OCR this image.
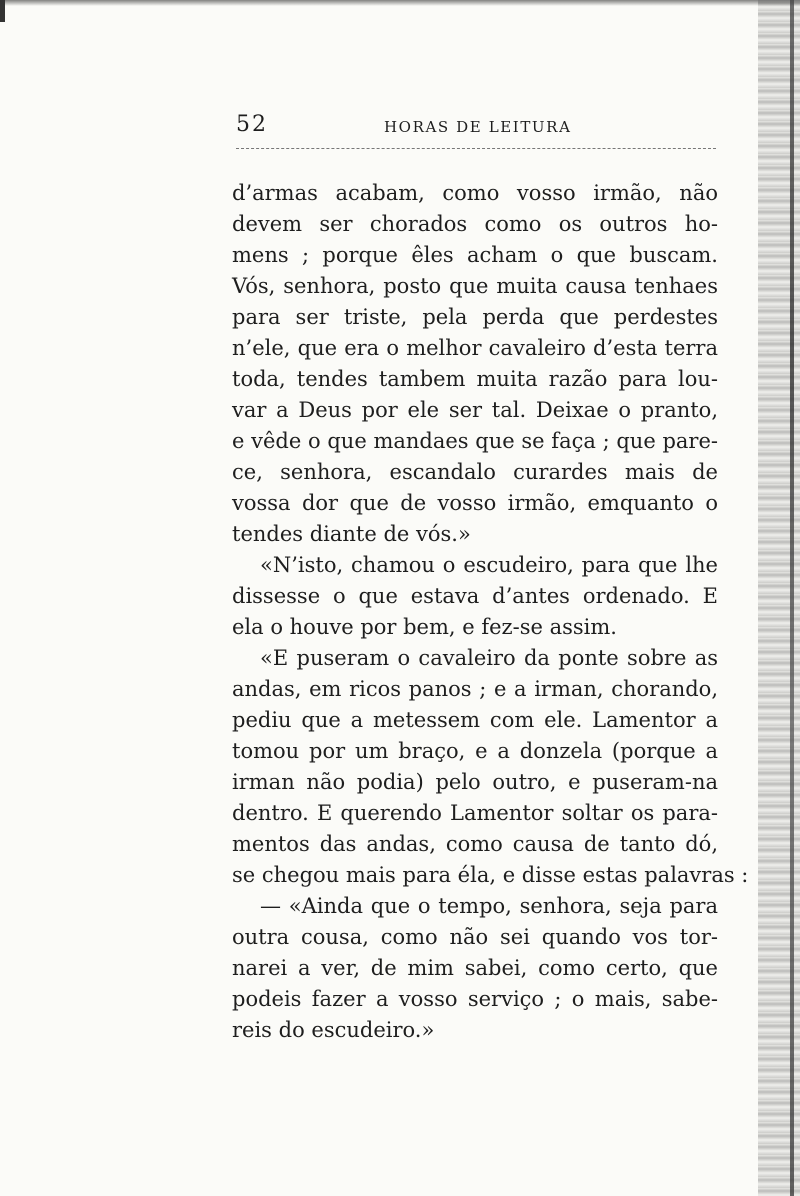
52	HORAS DE LEITURA
d’armas acabam, como vosso irmão, não
devem ser chorados como os outros ho-
mens ; porque êles acham o que buscam.
Vós, senhora, posto que muita causa tenhaes
para ser triste, pela perda que perdestes
n’ele, que era o melhor cavaleiro d’esta terra
toda, tendes tambem muita razão para lou-
var a Deus por ele ser tal. Deixae o pranto,
e vêde o que mandaes que se faça ; que pare-
ce, senhora, escandalo curardes mais de
vossa dor que de vosso irmão, emquanto o
tendes diante de vós.»
«N’isto, chamou o escudeiro, para que lhe
dissesse o que estava d’antes ordenado. E
ela o houve por bem, e fez-se assim.
«E puseram o cavaleiro da ponte sobre as
andas, em ricos panos ; e a irman, chorando,
pediu que a metessem com ele. Lamentor a
tomou por um braço, e a donzela (porque a
irman não podia) pelo outro, e puseram-na
dentro. E querendo Lamentor soltar os para-
mentos das andas, como causa de tanto dó,
se chegou mais para éla, e disse estas palavras :
— «Ainda que o tempo, senhora, seja para
outra cousa, como não sei quando vos tor-
narei a ver, de mim sabei, como certo, que
podeis fazer a vosso serviço ; o mais, sabe-
reis do escudeiro.»
